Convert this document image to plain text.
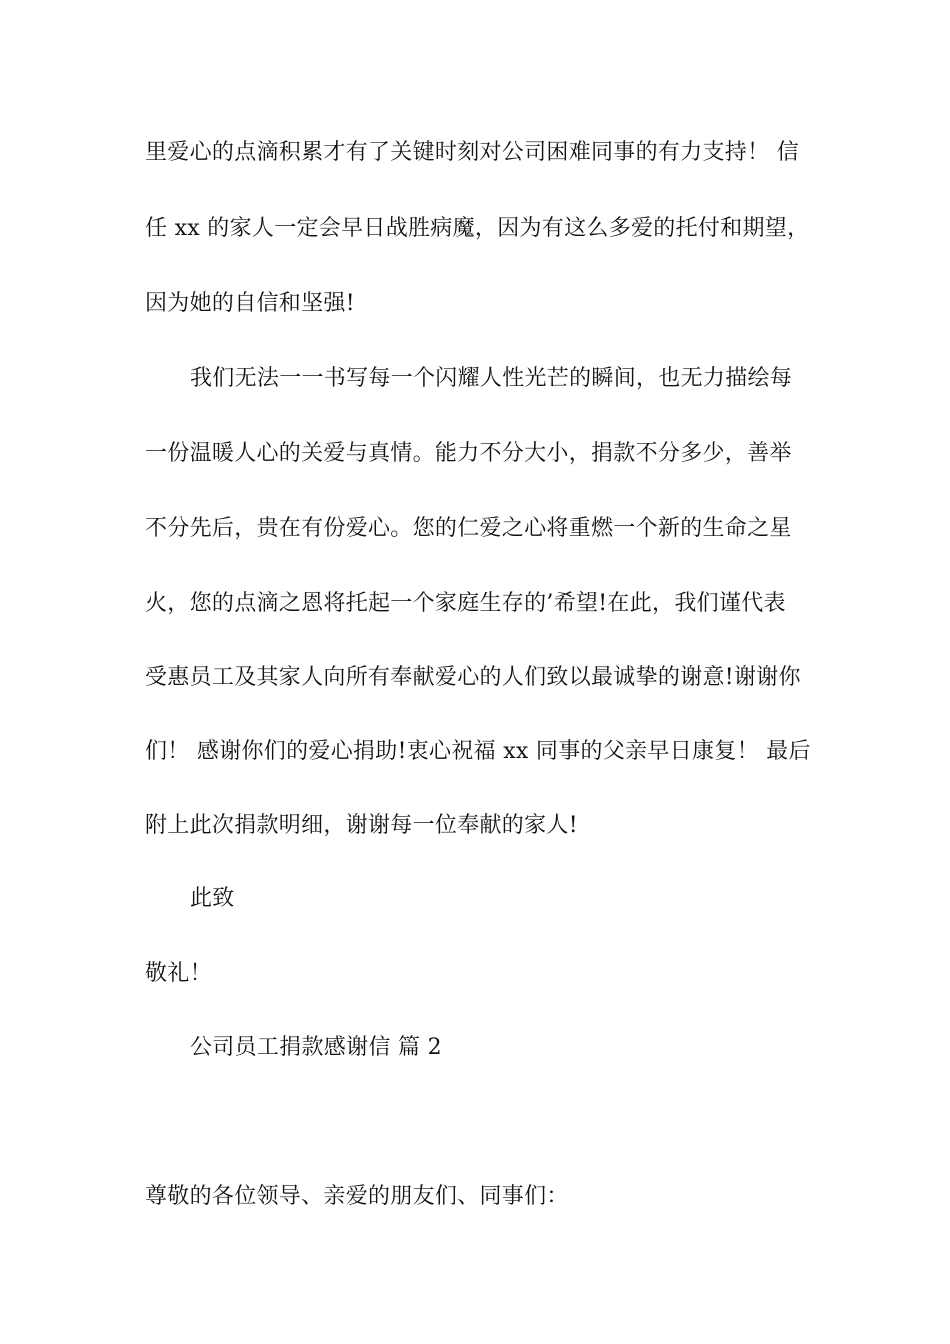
里爱心的点滴积累才有了关键时刻对公司困难同事的有力支持！ 信
任 xx 的家人一定会早日战胜病魔，因为有这么多爱的托付和期望，
因为她的自信和坚强!
我们无法一一书写每一个闪耀人性光芒的瞬间，也无力描绘每
一份温暖人心的关爱与真情。能力不分大小，捐款不分多少，善举
不分先后，贵在有份爱心。您的仁爱之心将重燃一个新的生命之星
火，您的点滴之恩将托起一个家庭生存的’希望!在此，我们谨代表
受惠员工及其家人向所有奉献爱心的人们致以最诚挚的谢意!谢谢你
们！ 感谢你们的爱心捐助!衷心祝福 xx 同事的父亲早日康复！ 最后
附上此次捐款明细，谢谢每一位奉献的家人!
此致
敬礼！
公司员工捐款感谢信 篇 2
尊敬的各位领导、亲爱的朋友们、同事们：
